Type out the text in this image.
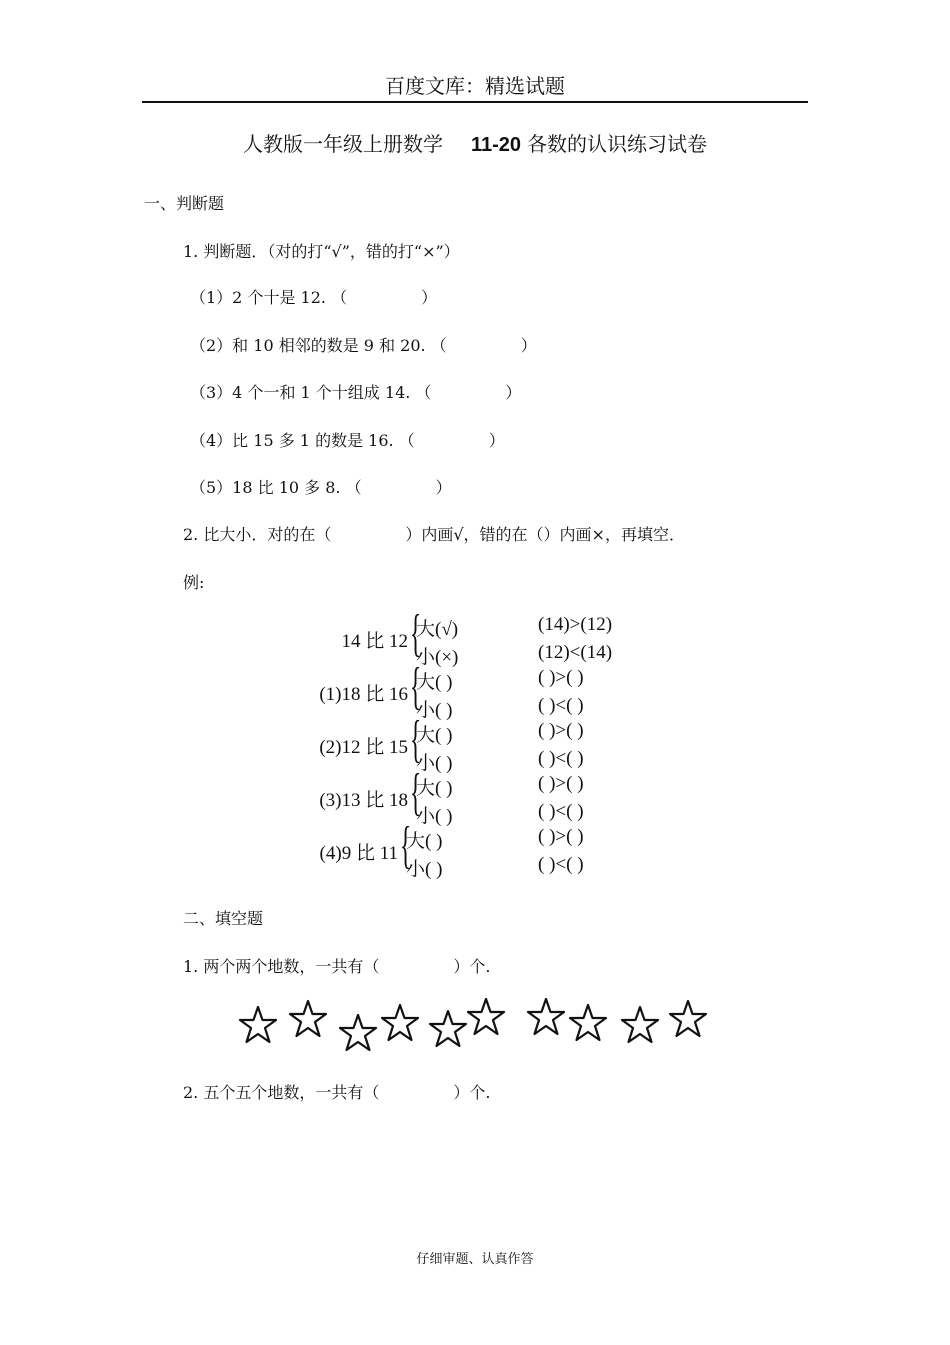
百度文库：精选试题
人教版一年级上册数学 11-20 各数的认识练习试卷
一、判断题
1. 判断题．（对的打“√”，错的打“×”）
（1）2 个十是 12. （	）
（2）和 10 相邻的数是 9 和 20. （	）
（3）4 个一和 1 个十组成 14. （	）
（4）比 15 多 1 的数是 16. （	）
（5）18 比 10 多 8. （	）
2. 比大小．对的在（	）内画√，错的在（）内画×，再填空．
例:
14 比 12 {
大(√)
小(×)
(14)>(12)
(12)<(14)
(1)18 比 16 {
大( )
小( )
( )>( )
( )<( )
(2)12 比 15 {
大( )
小( )
( )>( )
( )<( )
(3)13 比 18 {
大( )
小( )
( )>( )
( )<( )
(4)9 比 11 {
大( )
小( )
( )>( )
( )<( )
二、填空题
1. 两个两个地数，一共有（	）个.
2. 五个五个地数，一共有（	）个.
仔细审题、认真作答
